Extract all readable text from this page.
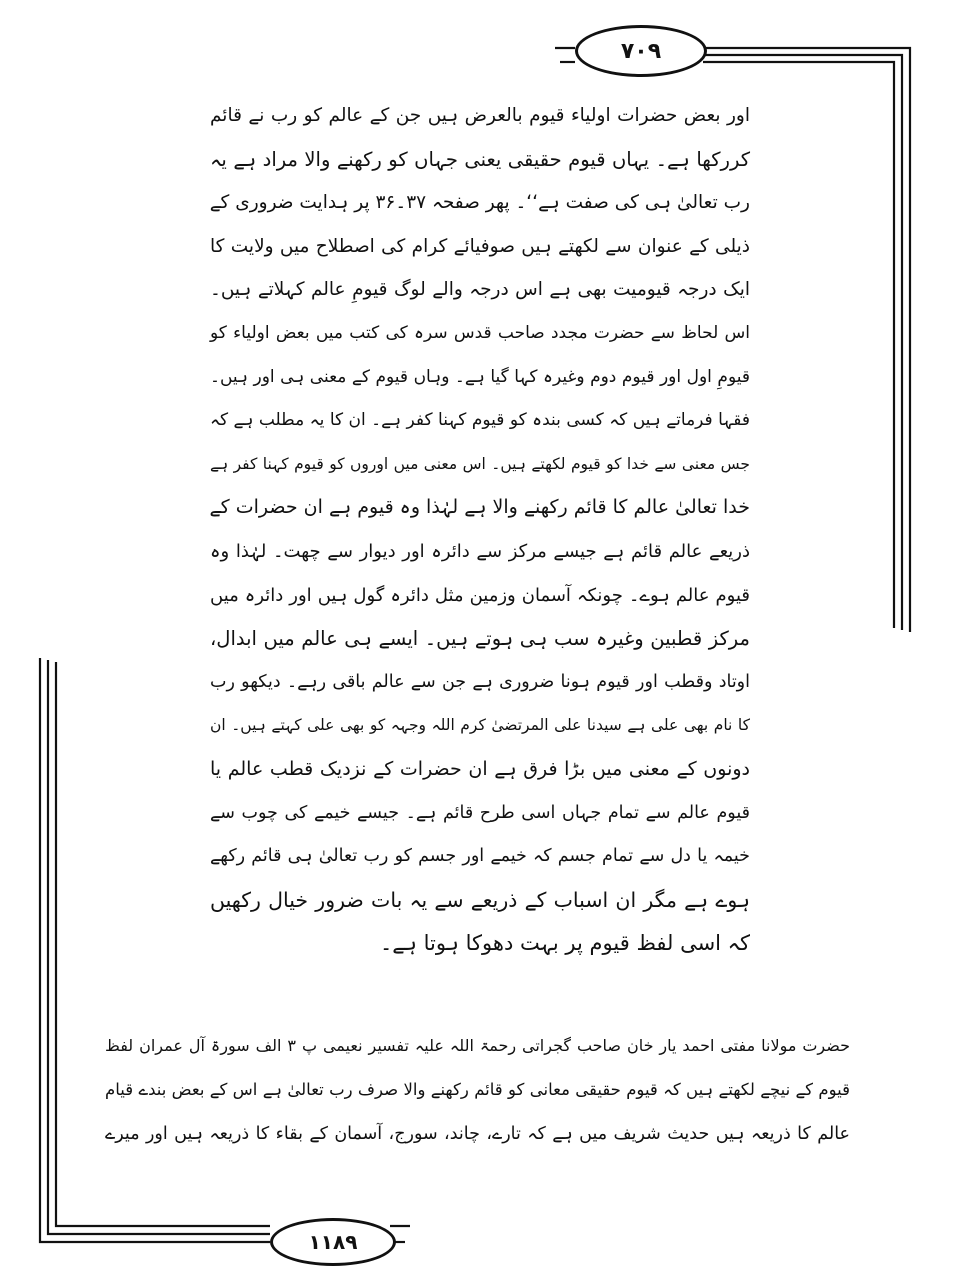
۷۰۹
اور بعض حضرات اولیاء قیوم بالعرض ہیں جن کے عالم کو رب نے قائم
کررکھا ہے۔ یہاں قیوم حقیقی یعنی جہاں کو رکھنے والا مراد ہے یہ
رب تعالیٰ ہی کی صفت ہے‘‘۔ پھر صفحہ ۳۷۔۳۶ پر ہدایت ضروری کے
ذیلی کے عنوان سے لکھتے ہیں صوفیائے کرام کی اصطلاح میں ولایت کا
ایک درجہ قیومیت بھی ہے اس درجہ والے لوگ قیومِ عالم کہلاتے ہیں۔
اس لحاظ سے حضرت مجدد صاحب قدس سرہ کی کتب میں بعض اولیاء کو
قیومِ اول اور قیوم دوم وغیرہ کہا گیا ہے۔ وہاں قیوم کے معنی ہی اور ہیں۔
فقہا فرماتے ہیں کہ کسی بندہ کو قیوم کہنا کفر ہے۔ ان کا یہ مطلب ہے کہ
جس معنی سے خدا کو قیوم لکھتے ہیں۔ اس معنی میں اوروں کو قیوم کہنا کفر ہے
خدا تعالیٰ عالم کا قائم رکھنے والا ہے لہٰذا وہ قیوم ہے ان حضرات کے
ذریعے عالم قائم ہے جیسے مرکز سے دائرہ اور دیوار سے چھت۔ لہٰذا وہ
قیوم عالم ہوے۔ چونکہ آسمان وزمین مثل دائرہ گول ہیں اور دائرہ میں
مرکز قطبین وغیرہ سب ہی ہوتے ہیں۔ ایسے ہی عالم میں ابدال،
اوتاد وقطب اور قیوم ہونا ضروری ہے جن سے عالم باقی رہے۔ دیکھو رب
کا نام بھی علی ہے سیدنا علی المرتضیٰ کرم اللہ وجہہ کو بھی علی کہتے ہیں۔ ان
دونوں کے معنی میں بڑا فرق ہے ان حضرات کے نزدیک قطب عالم یا
قیوم عالم سے تمام جہاں اسی طرح قائم ہے۔ جیسے خیمے کی چوب سے
خیمہ یا دل سے تمام جسم کہ خیمے اور جسم کو رب تعالیٰ ہی قائم رکھے
ہوے ہے مگر ان اسباب کے ذریعے سے یہ بات ضرور خیال رکھیں
کہ اسی لفظ قیوم پر بہت دھوکا ہوتا ہے۔
حضرت مولانا مفتی احمد یار خان صاحب گجراتی رحمۃ اللہ علیہ تفسیر نعیمی پ ۳ الف سورۃ آل عمران لفظ
قیوم کے نیچے لکھتے ہیں کہ قیوم حقیقی معانی کو قائم رکھنے والا صرف رب تعالیٰ ہے اس کے بعض بندے قیام
عالم کا ذریعہ ہیں حدیث شریف میں ہے کہ تارے، چاند، سورج، آسمان کے بقاء کا ذریعہ ہیں اور میرے
۱۱۸۹
